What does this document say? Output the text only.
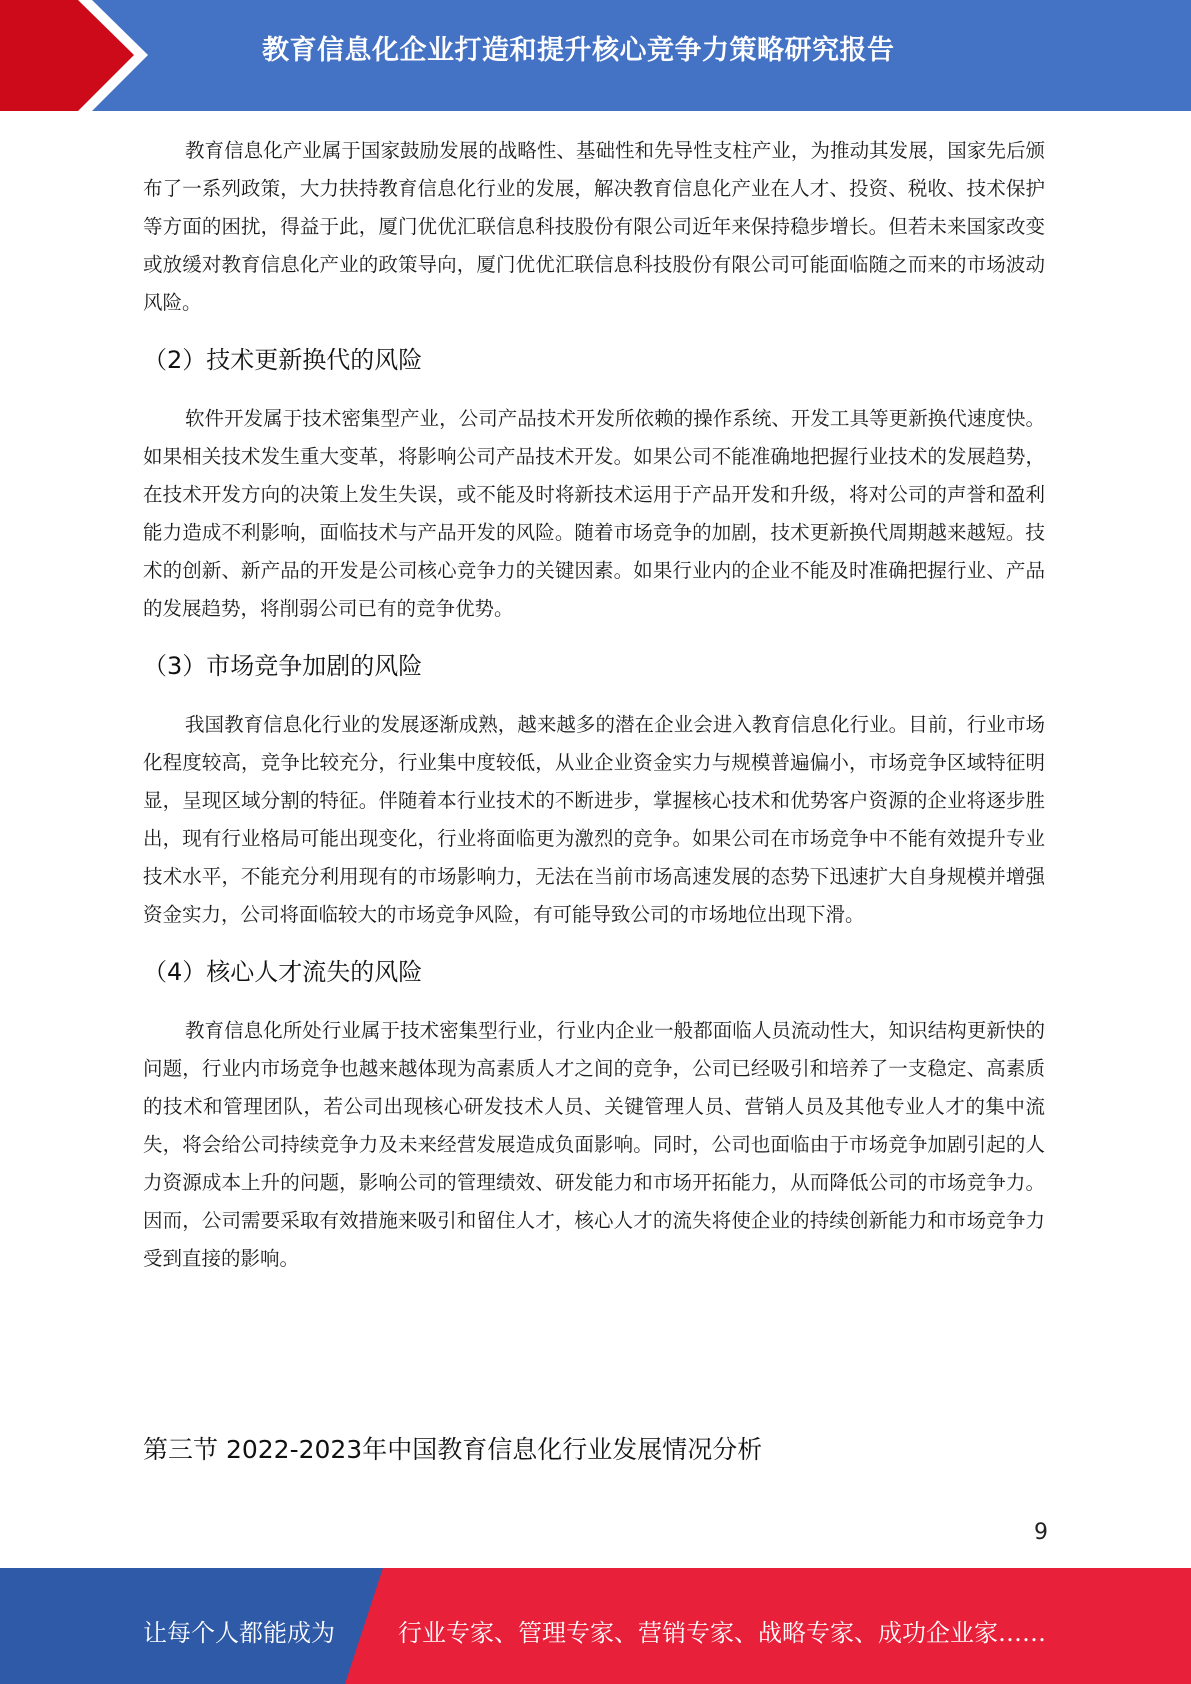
教育信息化企业打造和提升核心竞争力策略研究报告

教育信息化产业属于国家鼓励发展的战略性、基础性和先导性支柱产业，为推动其发展，国家先后颁布了一系列政策，大力扶持教育信息化行业的发展，解决教育信息化产业在人才、投资、税收、技术保护等方面的困扰，得益于此，厦门优优汇联信息科技股份有限公司近年来保持稳步增长。但若未来国家改变或放缓对教育信息化产业的政策导向，厦门优优汇联信息科技股份有限公司可能面临随之而来的市场波动风险。

（2）技术更新换代的风险

软件开发属于技术密集型产业，公司产品技术开发所依赖的操作系统、开发工具等更新换代速度快。如果相关技术发生重大变革，将影响公司产品技术开发。如果公司不能准确地把握行业技术的发展趋势，在技术开发方向的决策上发生失误，或不能及时将新技术运用于产品开发和升级，将对公司的声誉和盈利能力造成不利影响，面临技术与产品开发的风险。随着市场竞争的加剧，技术更新换代周期越来越短。技术的创新、新产品的开发是公司核心竞争力的关键因素。如果行业内的企业不能及时准确把握行业、产品的发展趋势，将削弱公司已有的竞争优势。

（3）市场竞争加剧的风险

我国教育信息化行业的发展逐渐成熟，越来越多的潜在企业会进入教育信息化行业。目前，行业市场化程度较高，竞争比较充分，行业集中度较低，从业企业资金实力与规模普遍偏小，市场竞争区域特征明显，呈现区域分割的特征。伴随着本行业技术的不断进步，掌握核心技术和优势客户资源的企业将逐步胜出，现有行业格局可能出现变化，行业将面临更为激烈的竞争。如果公司在市场竞争中不能有效提升专业技术水平，不能充分利用现有的市场影响力，无法在当前市场高速发展的态势下迅速扩大自身规模并增强资金实力，公司将面临较大的市场竞争风险，有可能导致公司的市场地位出现下滑。

（4）核心人才流失的风险

教育信息化所处行业属于技术密集型行业，行业内企业一般都面临人员流动性大，知识结构更新快的问题，行业内市场竞争也越来越体现为高素质人才之间的竞争，公司已经吸引和培养了一支稳定、高素质的技术和管理团队，若公司出现核心研发技术人员、关键管理人员、营销人员及其他专业人才的集中流失，将会给公司持续竞争力及未来经营发展造成负面影响。同时，公司也面临由于市场竞争加剧引起的人力资源成本上升的问题，影响公司的管理绩效、研发能力和市场开拓能力，从而降低公司的市场竞争力。因而，公司需要采取有效措施来吸引和留住人才，核心人才的流失将使企业的持续创新能力和市场竞争力受到直接的影响。

第三节 2022-2023年中国教育信息化行业发展情况分析
9
让每个人都能成为	行业专家、管理专家、营销专家、战略专家、成功企业家……
